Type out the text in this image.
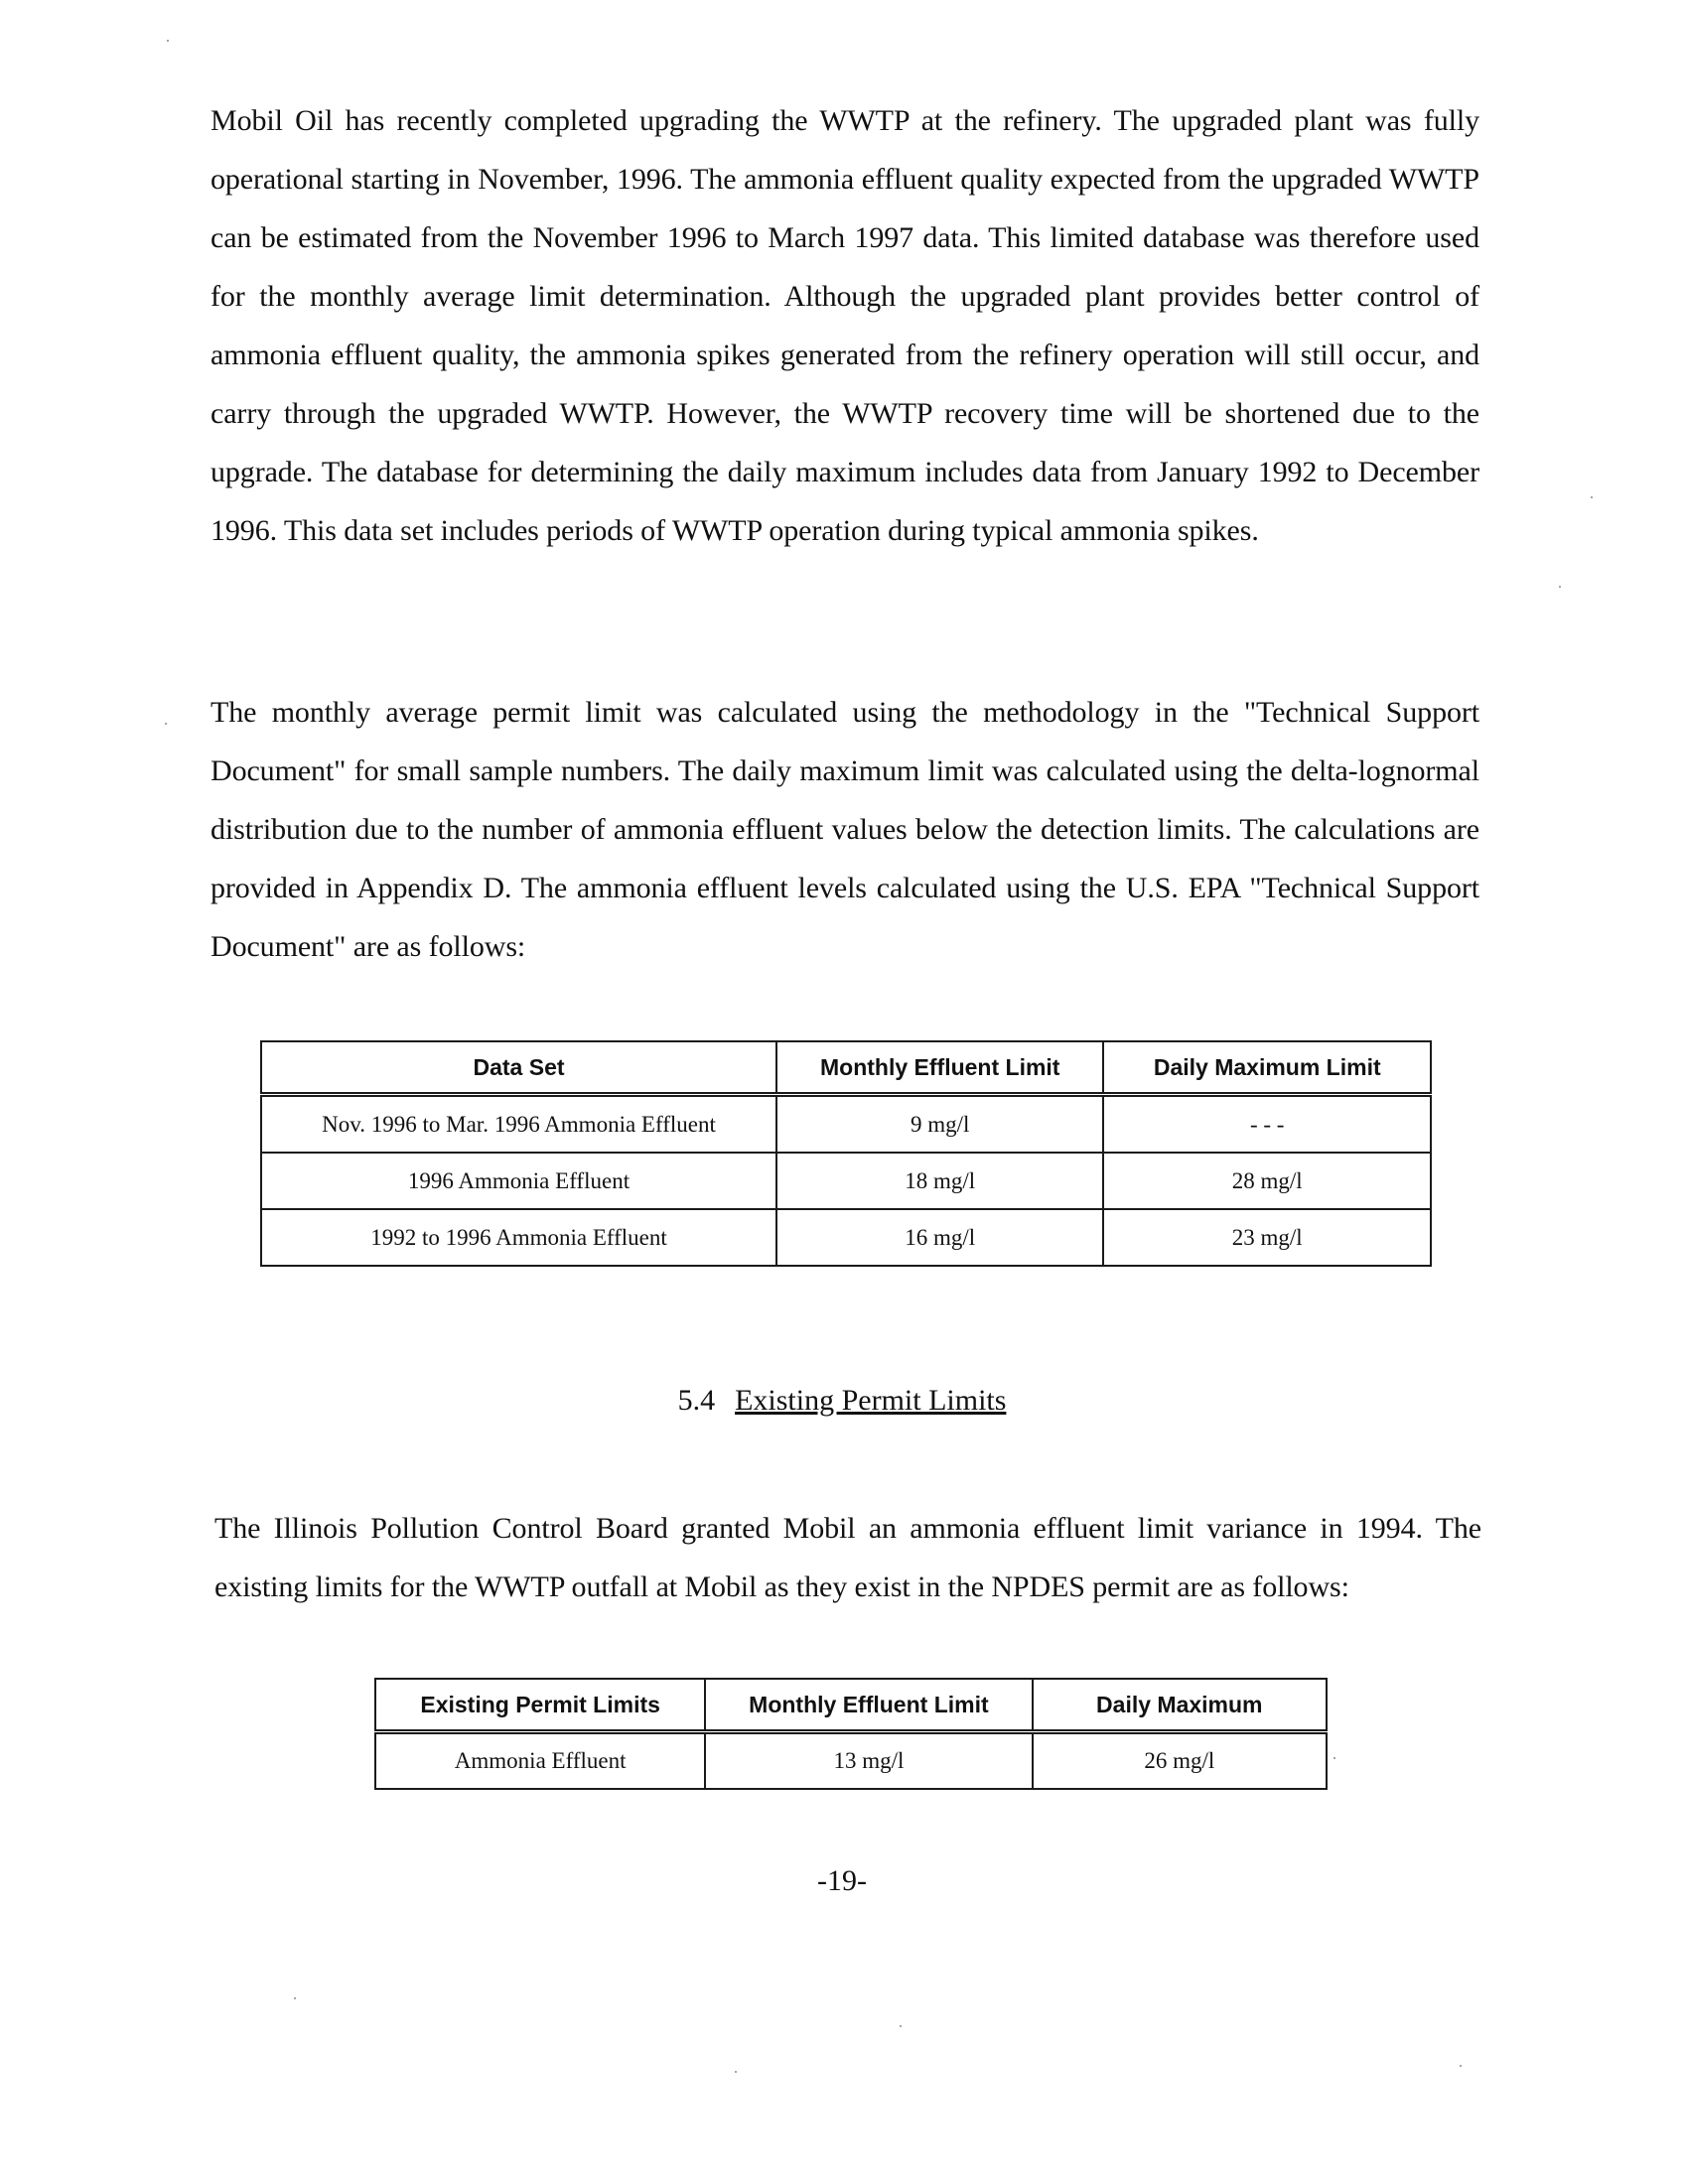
Mobil Oil has recently completed upgrading the WWTP at the refinery. The upgraded plant was fully operational starting in November, 1996. The ammonia effluent quality expected from the upgraded WWTP can be estimated from the November 1996 to March 1997 data. This limited database was therefore used for the monthly average limit determination. Although the upgraded plant provides better control of ammonia effluent quality, the ammonia spikes generated from the refinery operation will still occur, and carry through the upgraded WWTP. However, the WWTP recovery time will be shortened due to the upgrade. The database for determining the daily maximum includes data from January 1992 to December 1996. This data set includes periods of WWTP operation during typical ammonia spikes.

The monthly average permit limit was calculated using the methodology in the "Technical Support Document" for small sample numbers. The daily maximum limit was calculated using the delta-lognormal distribution due to the number of ammonia effluent values below the detection limits. The calculations are provided in Appendix D. The ammonia effluent levels calculated using the U.S. EPA "Technical Support Document" are as follows:

Data Set	Monthly Effluent Limit	Daily Maximum Limit
Nov. 1996 to Mar. 1996 Ammonia Effluent	9 mg/l	- - -
1996 Ammonia Effluent	18 mg/l	28 mg/l
1992 to 1996 Ammonia Effluent	16 mg/l	23 mg/l
5.4 Existing Permit Limits

The Illinois Pollution Control Board granted Mobil an ammonia effluent limit variance in 1994. The existing limits for the WWTP outfall at Mobil as they exist in the NPDES permit are as follows:

Existing Permit Limits	Monthly Effluent Limit	Daily Maximum
Ammonia Effluent	13 mg/l	26 mg/l

-19-
